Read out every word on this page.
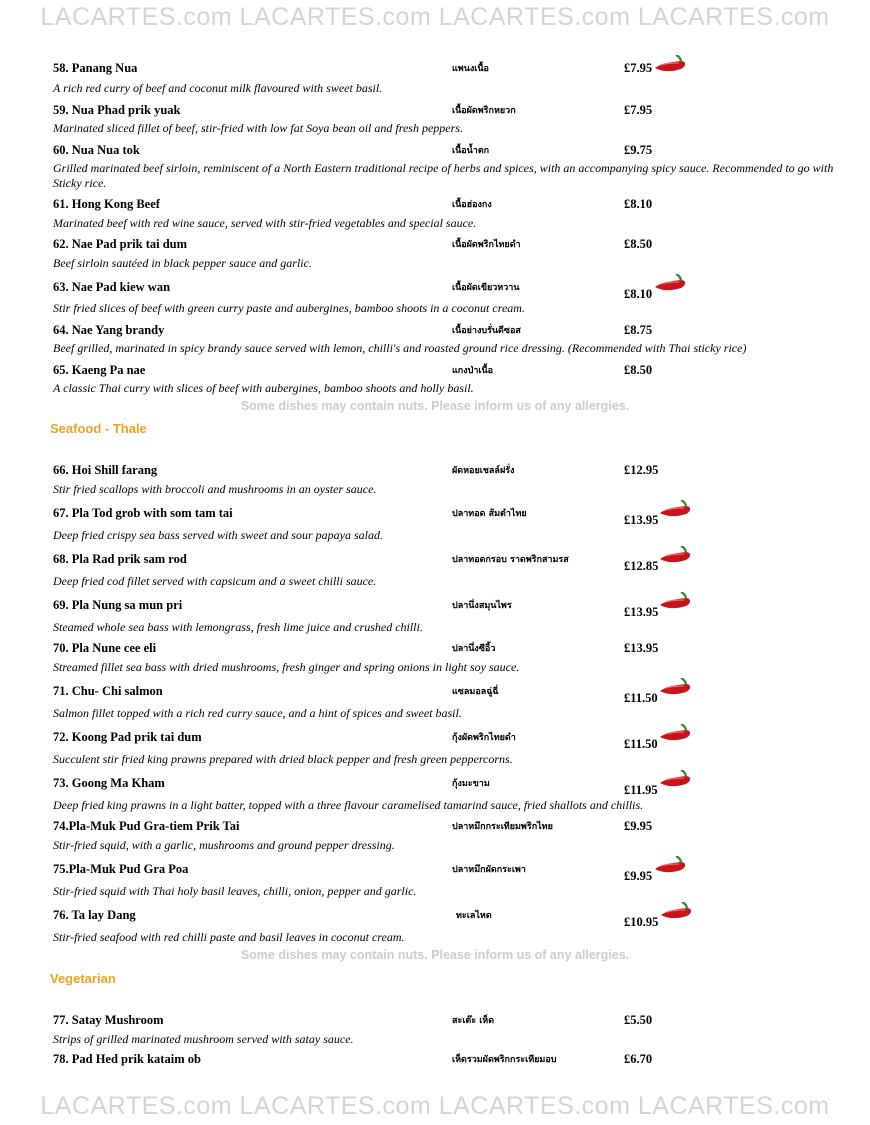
LACARTES.com LACARTES.com LACARTES.com LACARTES.com
58. Panang Nua	แพนงเนื้อ	£7.95
A rich red curry of beef and coconut milk flavoured with sweet basil.
59. Nua Phad prik yuak	เนื้อผัดพริกหยวก	£7.95
Marinated sliced fillet of beef, stir-fried with low fat Soya bean oil and fresh peppers.
60. Nua Nua tok	เนื้อน้ำตก	£9.75
Grilled marinated beef sirloin, reminiscent of a North Eastern traditional recipe of herbs and spices, with an accompanying spicy sauce. Recommended to go with Sticky rice.
61. Hong Kong Beef	เนื้อฮ่องกง	£8.10
Marinated beef with red wine sauce, served with stir-fried vegetables and special sauce.
62. Nae Pad prik tai dum	เนื้อผัดพริกไทยดำ	£8.50
Beef sirloin sautéed in black pepper sauce and garlic.
63. Nae Pad kiew wan	เนื้อผัดเขียวหวาน	£8.10
Stir fried slices of beef with green curry paste and aubergines, bamboo shoots in a coconut cream.
64. Nae Yang brandy	เนื้อย่างบรั่นดีซอส	£8.75
Beef grilled, marinated in spicy brandy sauce served with lemon, chilli's and roasted ground rice dressing. (Recommended with Thai sticky rice)
65. Kaeng Pa nae	แกงป่าเนื้อ	£8.50
A classic Thai curry with slices of beef with aubergines, bamboo shoots and holly basil.
Some dishes may contain nuts. Please inform us of any allergies.
Seafood - Thale
66. Hoi Shill farang	ผัดหอยเชลล์ฝรั่ง	£12.95
Stir fried scallops with broccoli and mushrooms in an oyster sauce.
67. Pla Tod grob with som tam tai	ปลาทอด ส้มตำไทย	£13.95
Deep fried crispy sea bass served with sweet and sour papaya salad.
68. Pla Rad prik sam rod	ปลาทอดกรอบ ราดพริกสามรส	£12.85
Deep fried cod fillet served with capsicum and a sweet chilli sauce.
69. Pla Nung sa mun pri	ปลานึ่งสมุนไพร	£13.95
Steamed whole sea bass with lemongrass, fresh lime juice and crushed chilli.
70. Pla Nune cee eli	ปลานึ่งซีอิ้ว	£13.95
Streamed fillet sea bass with dried mushrooms, fresh ginger and spring onions in light soy sauce.
71. Chu- Chi salmon	แซลมอลฉู่ฉี่	£11.50
Salmon fillet topped with a rich red curry sauce, and a hint of spices and sweet basil.
72. Koong Pad prik tai dum	กุ้งผัดพริกไทยดำ	£11.50
Succulent stir fried king prawns prepared with dried black pepper and fresh green peppercorns.
73. Goong Ma Kham	กุ้งมะขาม	£11.95
Deep fried king prawns in a light batter, topped with a three flavour caramelised tamarind sauce, fried shallots and chillis.
74.Pla-Muk Pud Gra-tiem Prik Tai	ปลาหมึกกระเทียมพริกไทย	£9.95
Stir-fried squid, with a garlic, mushrooms and ground pepper dressing.
75.Pla-Muk Pud Gra Poa	ปลาหมึกผัดกระเพา	£9.95
Stir-fried squid with Thai holy basil leaves, chilli, onion, pepper and garlic.
76. Ta lay Dang	ทะเลไหด	£10.95
Stir-fried seafood with red chilli paste and basil leaves in coconut cream.
Some dishes may contain nuts. Please inform us of any allergies.
Vegetarian
77. Satay Mushroom	สะเต๊ะ เห็ด	£5.50
Strips of grilled marinated mushroom served with satay sauce.
78. Pad Hed prik kataim ob	เห็ดรวมผัดพริกกระเทียมอบ	£6.70
LACARTES.com LACARTES.com LACARTES.com LACARTES.com
